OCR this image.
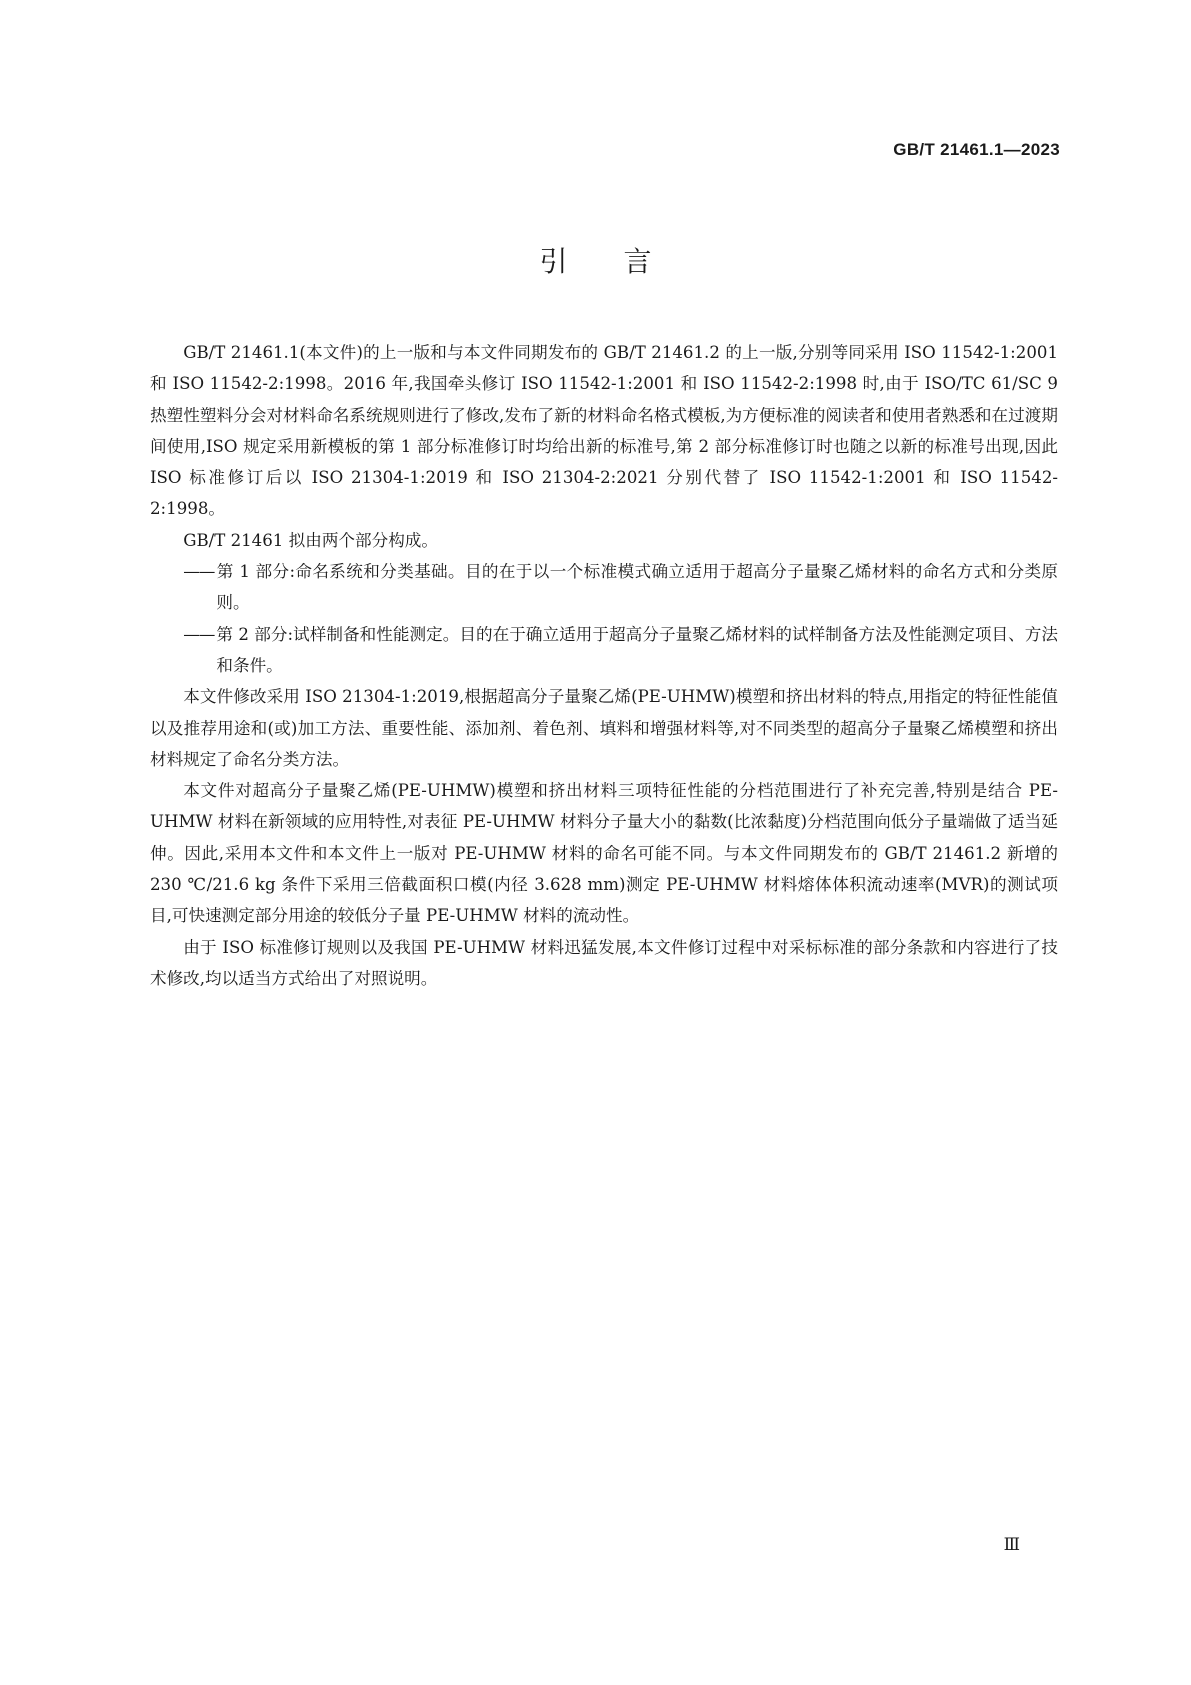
GB/T 21461.1—2023
引言

GB/T 21461.1(本文件)的上一版和与本文件同期发布的 GB/T 21461.2 的上一版,分别等同采用 ISO 11542-1:2001 和 ISO 11542-2:1998。2016 年,我国牵头修订 ISO 11542-1:2001 和 ISO 11542-2:1998 时,由于 ISO/TC 61/SC 9 热塑性塑料分会对材料命名系统规则进行了修改,发布了新的材料命名格式模板,为方便标准的阅读者和使用者熟悉和在过渡期间使用,ISO 规定采用新模板的第 1 部分标准修订时均给出新的标准号,第 2 部分标准修订时也随之以新的标准号出现,因此 ISO 标准修订后以 ISO 21304-1:2019 和 ISO 21304-2:2021 分别代替了 ISO 11542-1:2001 和 ISO 11542-2:1998。

GB/T 21461 拟由两个部分构成。

—— 第 1 部分:命名系统和分类基础。目的在于以一个标准模式确立适用于超高分子量聚乙烯材料的命名方式和分类原则。

—— 第 2 部分:试样制备和性能测定。目的在于确立适用于超高分子量聚乙烯材料的试样制备方法及性能测定项目、方法和条件。

本文件修改采用 ISO 21304-1:2019,根据超高分子量聚乙烯(PE-UHMW)模塑和挤出材料的特点,用指定的特征性能值以及推荐用途和(或)加工方法、重要性能、添加剂、着色剂、填料和增强材料等,对不同类型的超高分子量聚乙烯模塑和挤出材料规定了命名分类方法。

本文件对超高分子量聚乙烯(PE-UHMW)模塑和挤出材料三项特征性能的分档范围进行了补充完善,特别是结合 PE-UHMW 材料在新领域的应用特性,对表征 PE-UHMW 材料分子量大小的黏数(比浓黏度)分档范围向低分子量端做了适当延伸。因此,采用本文件和本文件上一版对 PE-UHMW 材料的命名可能不同。与本文件同期发布的 GB/T 21461.2 新增的 230 ℃/21.6 kg 条件下采用三倍截面积口模(内径 3.628 mm)测定 PE-UHMW 材料熔体体积流动速率(MVR)的测试项目,可快速测定部分用途的较低分子量 PE-UHMW 材料的流动性。

由于 ISO 标准修订规则以及我国 PE-UHMW 材料迅猛发展,本文件修订过程中对采标标准的部分条款和内容进行了技术修改,均以适当方式给出了对照说明。

Ⅲ
